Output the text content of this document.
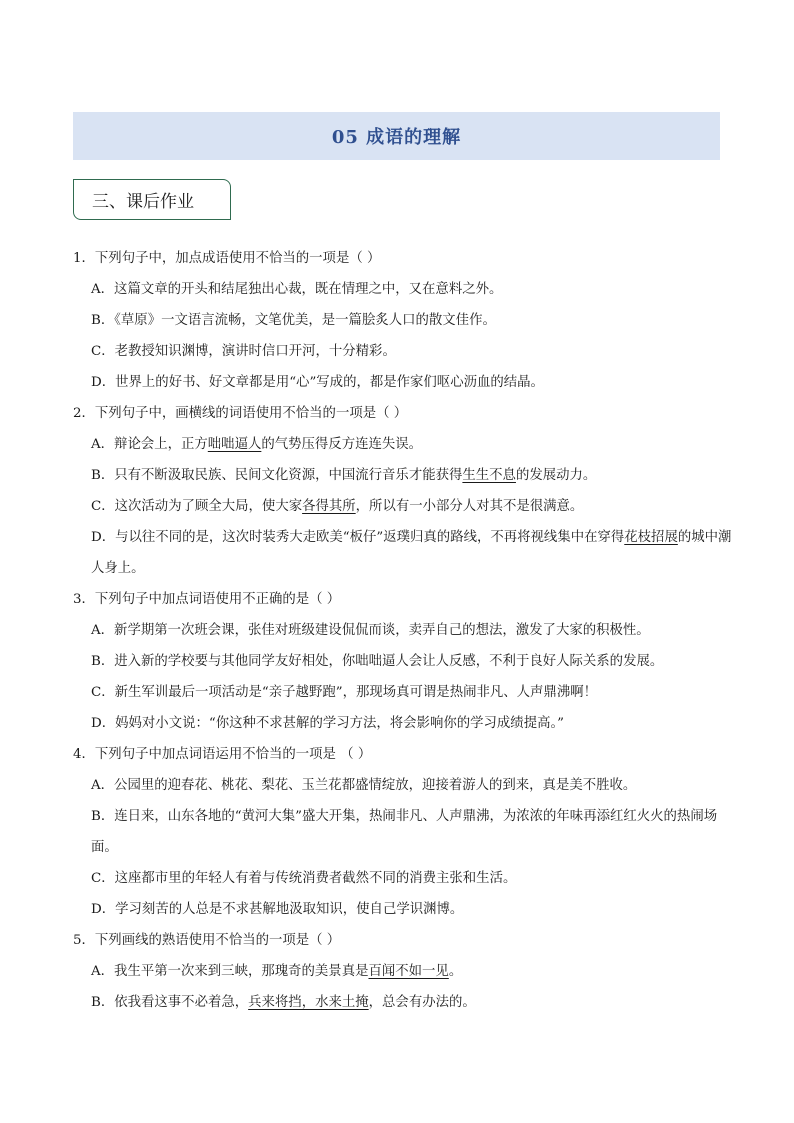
05 成语的理解
三、课后作业
1．下列句子中，加点成语使用不恰当的一项是（ ）
A．这篇文章的开头和结尾独出心裁，既在情理之中，又在意料之外。
B．《草原》一文语言流畅，文笔优美，是一篇脍炙人口的散文佳作。
C．老教授知识渊博，演讲时信口开河，十分精彩。
D．世界上的好书、好文章都是用“心”写成的，都是作家们呕心沥血的结晶。
2．下列句子中，画横线的词语使用不恰当的一项是（ ）
A．辩论会上，正方咄咄逼人的气势压得反方连连失误。
B．只有不断汲取民族、民间文化资源，中国流行音乐才能获得生生不息的发展动力。
C．这次活动为了顾全大局，使大家各得其所，所以有一小部分人对其不是很满意。
D．与以往不同的是，这次时装秀大走欧美“板仔”返璞归真的路线，不再将视线集中在穿得花枝招展的城中潮人身上。
3．下列句子中加点词语使用不正确的是（ ）
A．新学期第一次班会课，张佳对班级建设侃侃而谈，卖弄自己的想法，激发了大家的积极性。
B．进入新的学校要与其他同学友好相处，你咄咄逼人会让人反感，不利于良好人际关系的发展。
C．新生军训最后一项活动是“亲子越野跑”，那现场真可谓是热闹非凡、人声鼎沸啊！
D．妈妈对小文说：“你这种不求甚解的学习方法，将会影响你的学习成绩提高。”
4．下列句子中加点词语运用不恰当的一项是 （ ）
A．公园里的迎春花、桃花、梨花、玉兰花都盛情绽放，迎接着游人的到来，真是美不胜收。
B．连日来，山东各地的“黄河大集”盛大开集，热闹非凡、人声鼎沸，为浓浓的年味再添红红火火的热闹场面。
C．这座都市里的年轻人有着与传统消费者截然不同的消费主张和生活。
D．学习刻苦的人总是不求甚解地汲取知识，使自己学识渊博。
5．下列画线的熟语使用不恰当的一项是（ ）
A．我生平第一次来到三峡，那瑰奇的美景真是百闻不如一见。
B．依我看这事不必着急，兵来将挡，水来土掩，总会有办法的。
